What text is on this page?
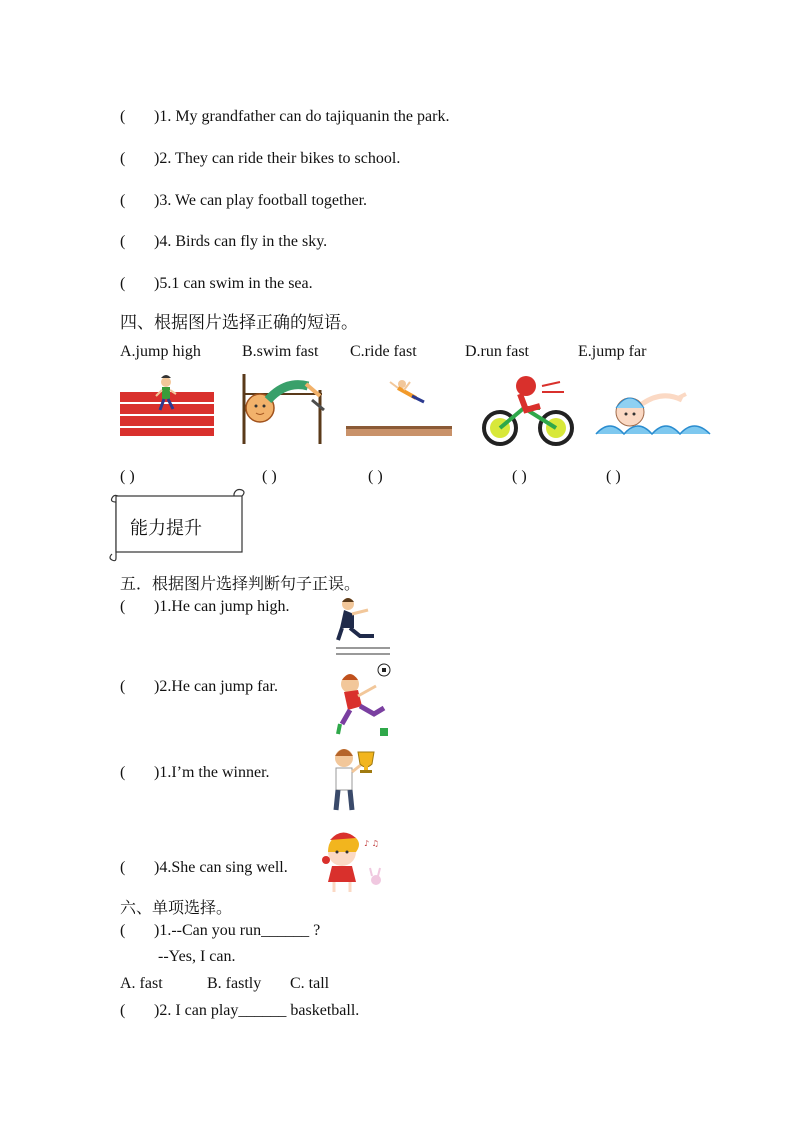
( )1. My grandfather can do tajiquanin the park.
( )2. They can ride their bikes to school.
( )3. We can play football together.
( )4. Birds can fly in the sky.
( )5.1 can swim in the sea.
四、根据图片选择正确的短语。
A.jump high	B.swim fast C.ride fast	D.run fast	E.jump far
( )	( )	( )	( )	( )
能力提升
五．根据图片选择判断句子正误。
( )1.He can jump high.
( )2.He can jump far.
( )1.I’m the winner.
( )4.She can sing well.
♪ ♫
六、单项选择。
( )1.--Can you run______ ?
--Yes, I can.
A. fast	B. fastly C. tall
( )2. I can play______ basketball.
